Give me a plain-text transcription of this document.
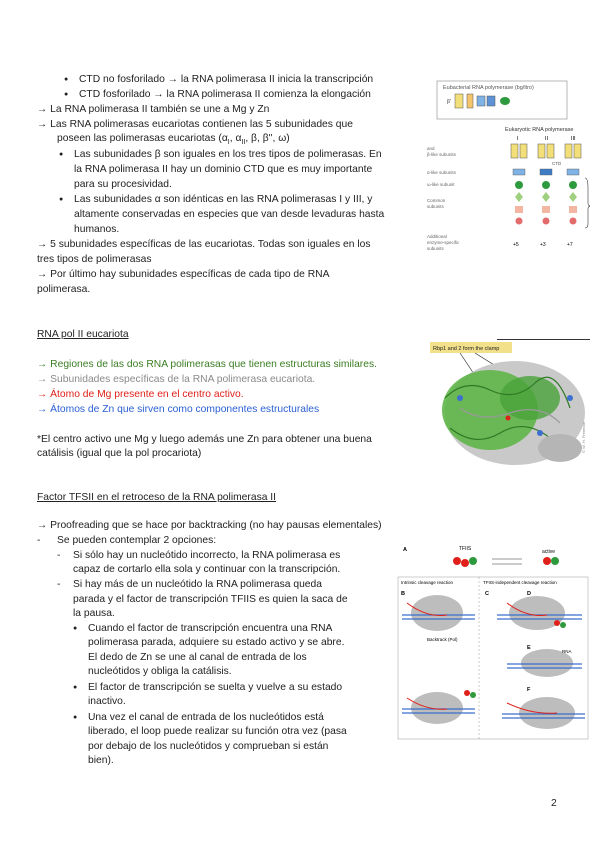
● CTD no fosforilado → la RNA polimerasa II inicia la transcripción
● CTD fosforilado → la RNA polimerasa II comienza la elongación
→ La RNA polimerasa II también se une a Mg y Zn
→ Las RNA polimerasas eucariotas contienen las 5 subunidades que
poseen las polimerasas eucariotas ($\alpha_I$, $\alpha_{II}$, β, β'', ω)
● Las subunidades β son iguales en los tres tipos de polimerasas. En
la RNA polimerasa II hay un dominio CTD que es muy importante
para su procesividad.
● Las subunidades α son idénticas en las RNA polimerasas I y III, y
altamente conservadas en especies que van desde levaduras hasta
humanos.
→ 5 subunidades específicas de las eucariotas. Todas son iguales en los
tres tipos de polimerasas
→ Por último hay subunidades específicas de cada tipo de RNA
polimerasa.
Eubacterial RNA polymerase (bg/ltro)
β'
Eukaryotic RNA polymerase
I	II	III
and
β-like subunits
CTD
α-like subunits
ω-like subunit
Common
subunits
Additional
enzyme-specific
subunits
+5	+3	+7
RNA pol II eucariota
→ Regiones de las dos RNA polimerasas que tienen estructuras similares.
→ Subunidades específicas de la RNA polimerasa eucariota.
→ Átomo de Mg presente en el centro activo.
→ Átomos de Zn que sirven como componentes estructurales
*El centro activo une Mg y luego además une Zn para obtener una buena
catálisis (igual que la pol procariota)
Rbp1 and 2 form the clamp
© W. H. Freeman
Factor TFSII en el retroceso de la RNA polimerasa II
→ Proofreading que se hace por backtracking (no hay pausas elementales)
- Se pueden contemplar 2 opciones:
- Si sólo hay un nucleótido incorrecto, la RNA polimerasa es
capaz de cortarlo ella sola y continuar con la transcripción.
- Si hay más de un nucleótido la RNA polimerasa queda
parada y el factor de transcripción TFIIS es quien la saca de
la pausa.
● Cuando el factor de transcripción encuentra una RNA
polimerasa parada, adquiere su estado activo y se abre.
El dedo de Zn se une al canal de entrada de los
nucleótidos y obliga la catálisis.
● El factor de transcripción se suelta y vuelve a su estado
inactivo.
● Una vez el canal de entrada de los nucleótidos está
liberado, el loop puede realizar su función otra vez (pasa
por debajo de los nucleótidos y comprueban si están
bien).
A	TFIIS	active
Intrinsic cleavage reaction	TFIIS-independent cleavage reaction
B
Backtrack (Pol)
C	D
E
RNA
F
2
